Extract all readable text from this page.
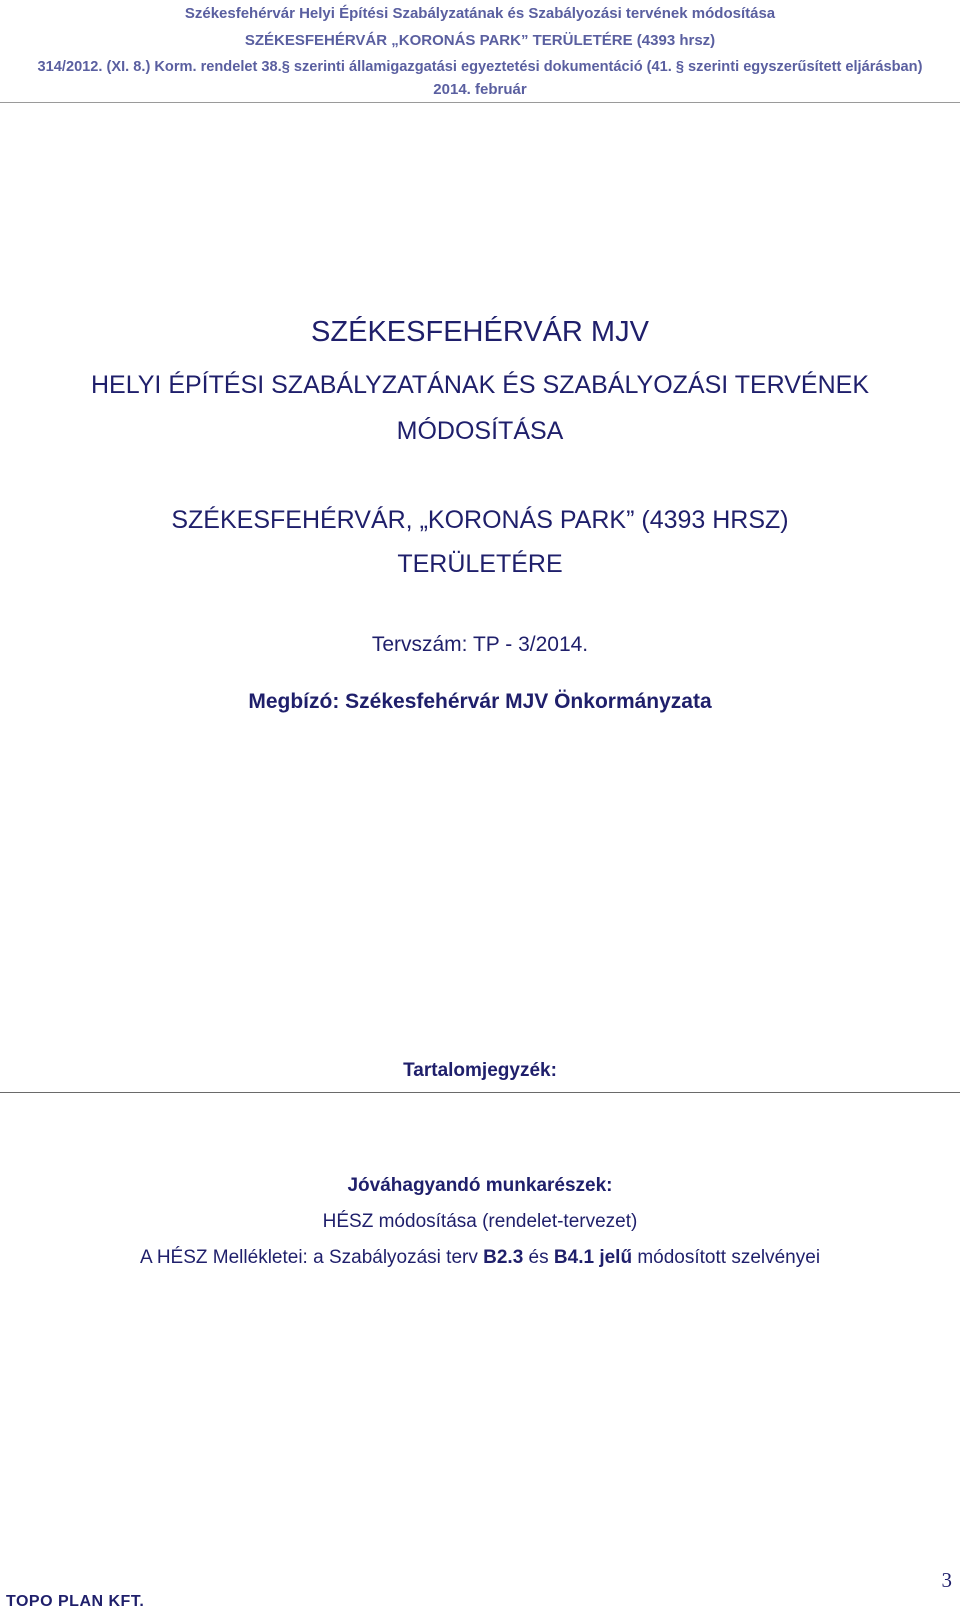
Székesfehérvár Helyi Építési Szabályzatának és Szabályozási tervének módosítása
SZÉKESFEHÉRVÁR „KORONÁS PARK” TERÜLETÉRE (4393 hrsz)
314/2012. (XI. 8.) Korm. rendelet 38.§ szerinti államigazgatási egyeztetési dokumentáció (41. § szerinti egyszerűsített eljárásban)
2014. február
SZÉKESFEHÉRVÁR MJV
HELYI ÉPÍTÉSI SZABÁLYZATÁNAK ÉS SZABÁLYOZÁSI TERVÉNEK
MÓDOSÍTÁSA
SZÉKESFEHÉRVÁR, „KORONÁS PARK” (4393 HRSZ)
TERÜLETÉRE
Tervszám: TP - 3/2014.
Megbízó: Székesfehérvár MJV Önkormányzata
Tartalomjegyzék:
Jóváhagyandó munkarészek:
HÉSZ módosítása (rendelet-tervezet)
A HÉSZ Mellékletei: a Szabályozási terv B2.3 és B4.1 jelű módosított szelvényei
TOPO PLAN KFT.
3
